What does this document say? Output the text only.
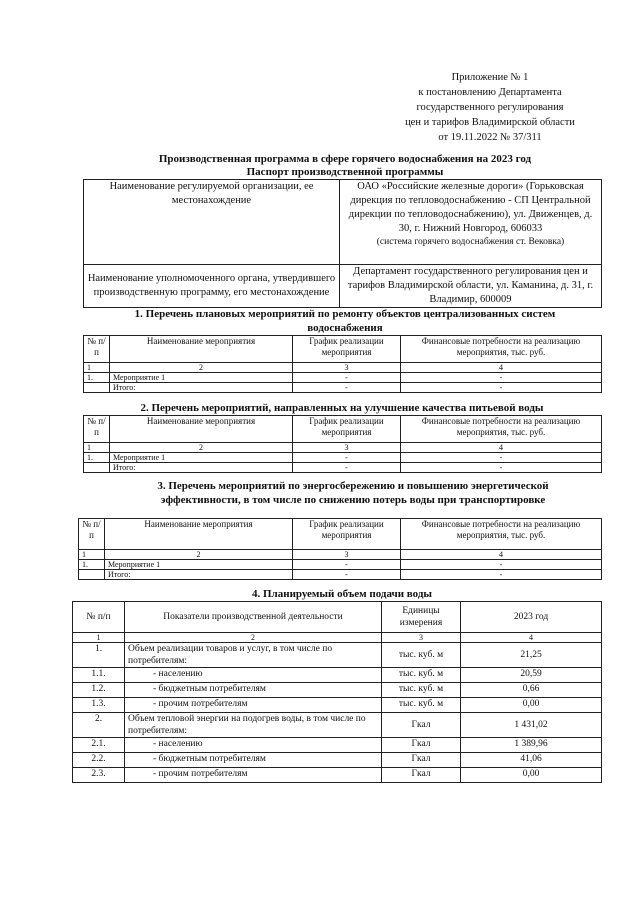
Приложение № 1
к постановлению Департамента
государственного регулирования
цен и тарифов Владимирской области
от 19.11.2022 № 37/311
Производственная программа в сфере горячего водоснабжения на 2023 год
Паспорт производственной программы
Наименование регулируемой организации, ее местонахождение	ОАО «Российские железные дороги» (Горьковская дирекция по тепловодоснабжению - СП Центральной дирекции по тепловодоснабжению), ул. Движенцев, д. 30, г. Нижний Новгород, 606033
(система горячего водоснабжения ст. Вековка)

Наименование уполномоченного органа, утвердившего производственную программу, его местонахождение	Департамент государственного регулирования цен и тарифов Владимирской области, ул. Каманина, д. 31, г. Владимир, 600009
1. Перечень плановых мероприятий по ремонту объектов централизованных систем водоснабжения
№ п/п	Наименование мероприятия	График реализации мероприятия	Финансовые потребности на реализацию мероприятия, тыс. руб.
1	2	3	4
1.	Мероприятие 1	-	-
	Итого:	-	-
2. Перечень мероприятий, направленных на улучшение качества питьевой воды
№ п/п	Наименование мероприятия	График реализации мероприятия	Финансовые потребности на реализацию мероприятия, тыс. руб.
1	2	3	4
1.	Мероприятие 1	-	-
	Итого:	-	-
3. Перечень мероприятий по энергосбережению и повышению энергетической эффективности, в том числе по снижению потерь воды при транспортировке
№ п/п	Наименование мероприятия	График реализации мероприятия	Финансовые потребности на реализацию мероприятия, тыс. руб.
1	2	3	4
1.	Мероприятие 1	-	-
	Итого:	-	-
4. Планируемый объем подачи воды
№ п/п	Показатели производственной деятельности	Единицы измерения	2023 год
1	2	3	4
1.	Объем реализации товаров и услуг, в том числе по потребителям:	тыс. куб. м	21,25
1.1.	- населению	тыс. куб. м	20,59
1.2.	- бюджетным потребителям	тыс. куб. м	0,66
1.3.	- прочим потребителям	тыс. куб. м	0,00
2.	Объем тепловой энергии на подогрев воды, в том числе по потребителям:	Гкал	1 431,02
2.1.	- населению	Гкал	1 389,96
2.2.	- бюджетным потребителям	Гкал	41,06
2.3.	- прочим потребителям	Гкал	0,00
